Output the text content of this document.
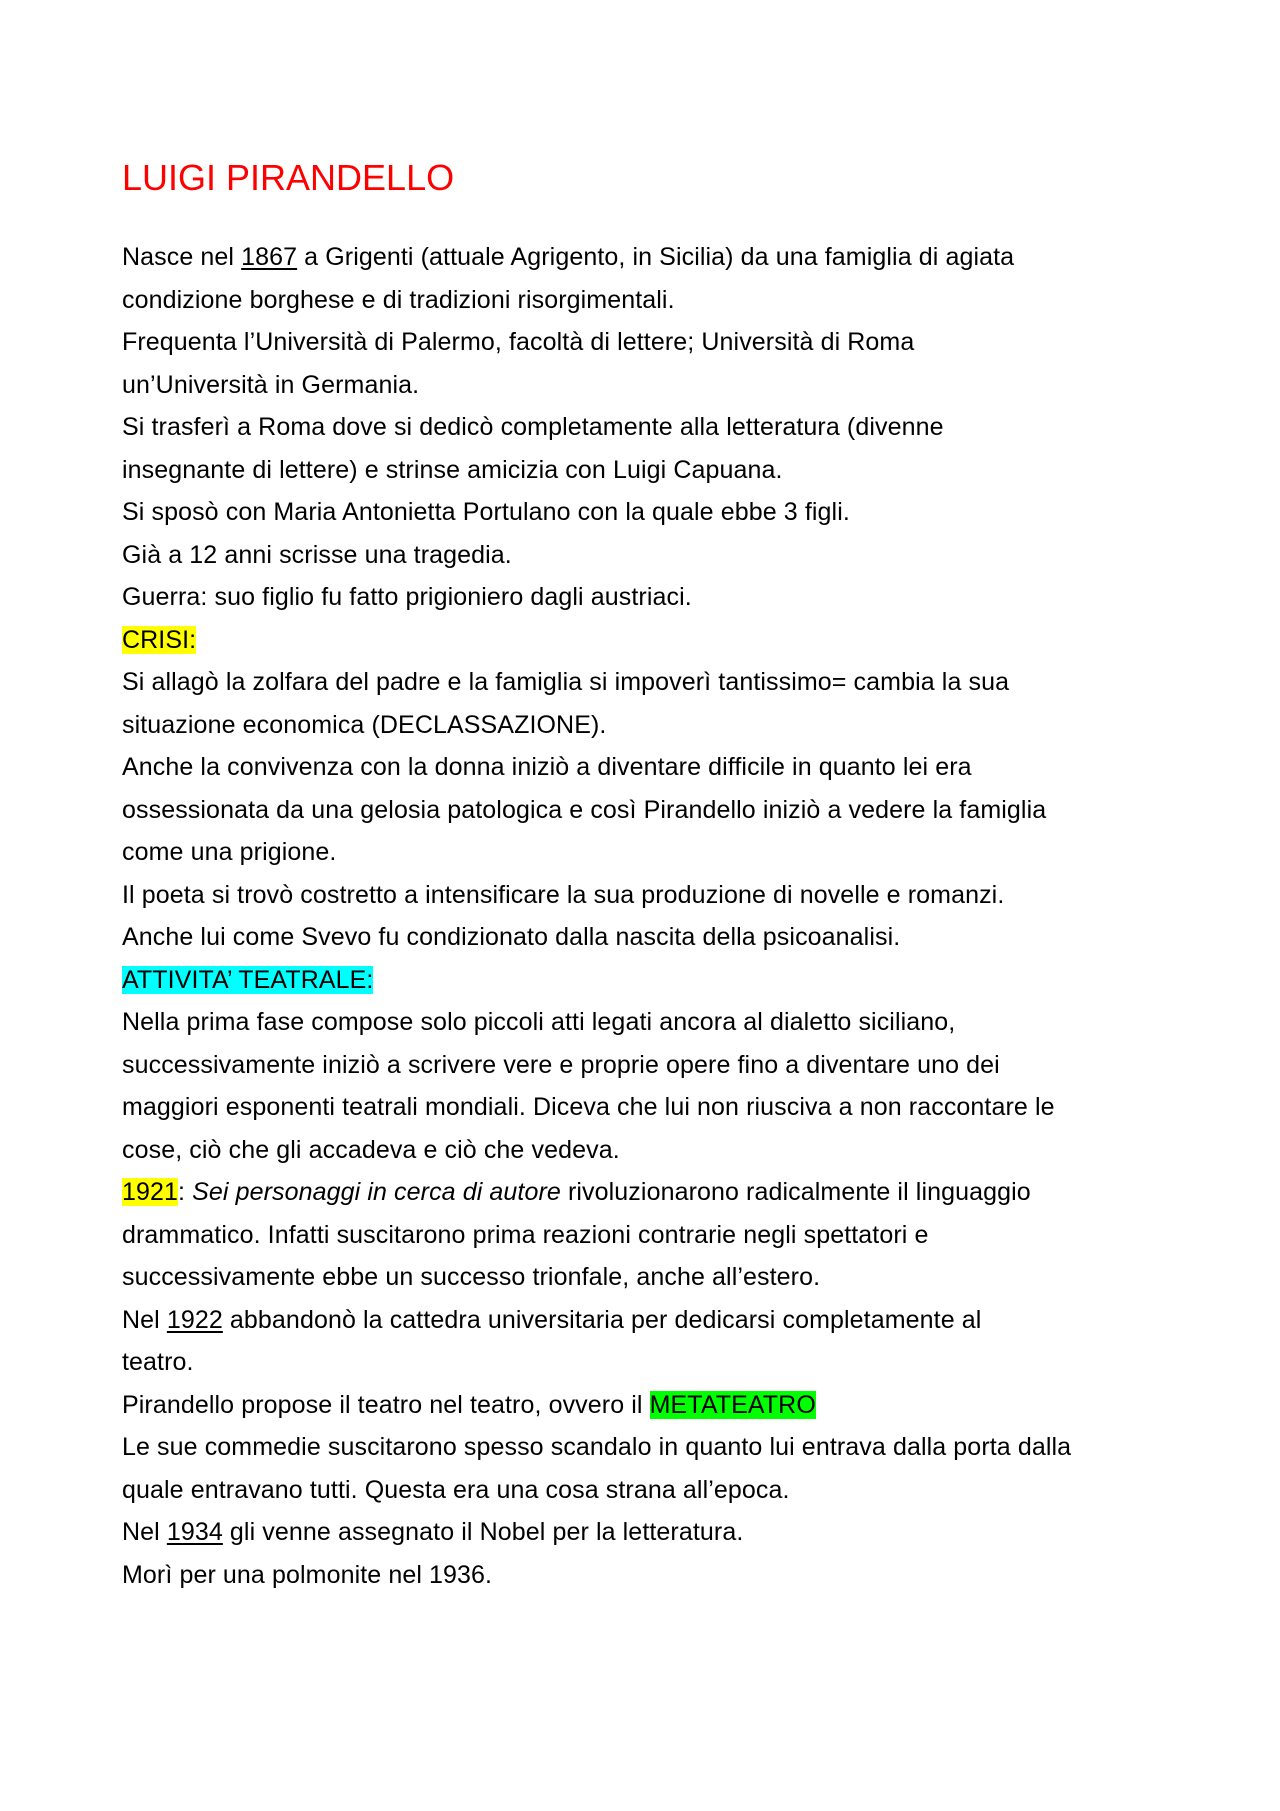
LUIGI PIRANDELLO
Nasce nel 1867 a Grigenti (attuale Agrigento, in Sicilia) da una famiglia di agiata
condizione borghese e di tradizioni risorgimentali.
Frequenta l’Università di Palermo, facoltà di lettere; Università di Roma
un’Università in Germania.
Si trasferì a Roma dove si dedicò completamente alla letteratura (divenne
insegnante di lettere) e strinse amicizia con Luigi Capuana.
Si sposò con Maria Antonietta Portulano con la quale ebbe 3 figli.
Già a 12 anni scrisse una tragedia.
Guerra: suo figlio fu fatto prigioniero dagli austriaci.
CRISI:
Si allagò la zolfara del padre e la famiglia si impoverì tantissimo= cambia la sua
situazione economica (DECLASSAZIONE).
Anche la convivenza con la donna iniziò a diventare difficile in quanto lei era
ossessionata da una gelosia patologica e così Pirandello iniziò a vedere la famiglia
come una prigione.
Il poeta si trovò costretto a intensificare la sua produzione di novelle e romanzi.
Anche lui come Svevo fu condizionato dalla nascita della psicoanalisi.
ATTIVITA’ TEATRALE:
Nella prima fase compose solo piccoli atti legati ancora al dialetto siciliano,
successivamente iniziò a scrivere vere e proprie opere fino a diventare uno dei
maggiori esponenti teatrali mondiali. Diceva che lui non riusciva a non raccontare le
cose, ciò che gli accadeva e ciò che vedeva.
1921: Sei personaggi in cerca di autore rivoluzionarono radicalmente il linguaggio
drammatico. Infatti suscitarono prima reazioni contrarie negli spettatori e
successivamente ebbe un successo trionfale, anche all’estero.
Nel 1922 abbandonò la cattedra universitaria per dedicarsi completamente al
teatro.
Pirandello propose il teatro nel teatro, ovvero il METATEATRO
Le sue commedie suscitarono spesso scandalo in quanto lui entrava dalla porta dalla
quale entravano tutti. Questa era una cosa strana all’epoca.
Nel 1934 gli venne assegnato il Nobel per la letteratura.
Morì per una polmonite nel 1936.
